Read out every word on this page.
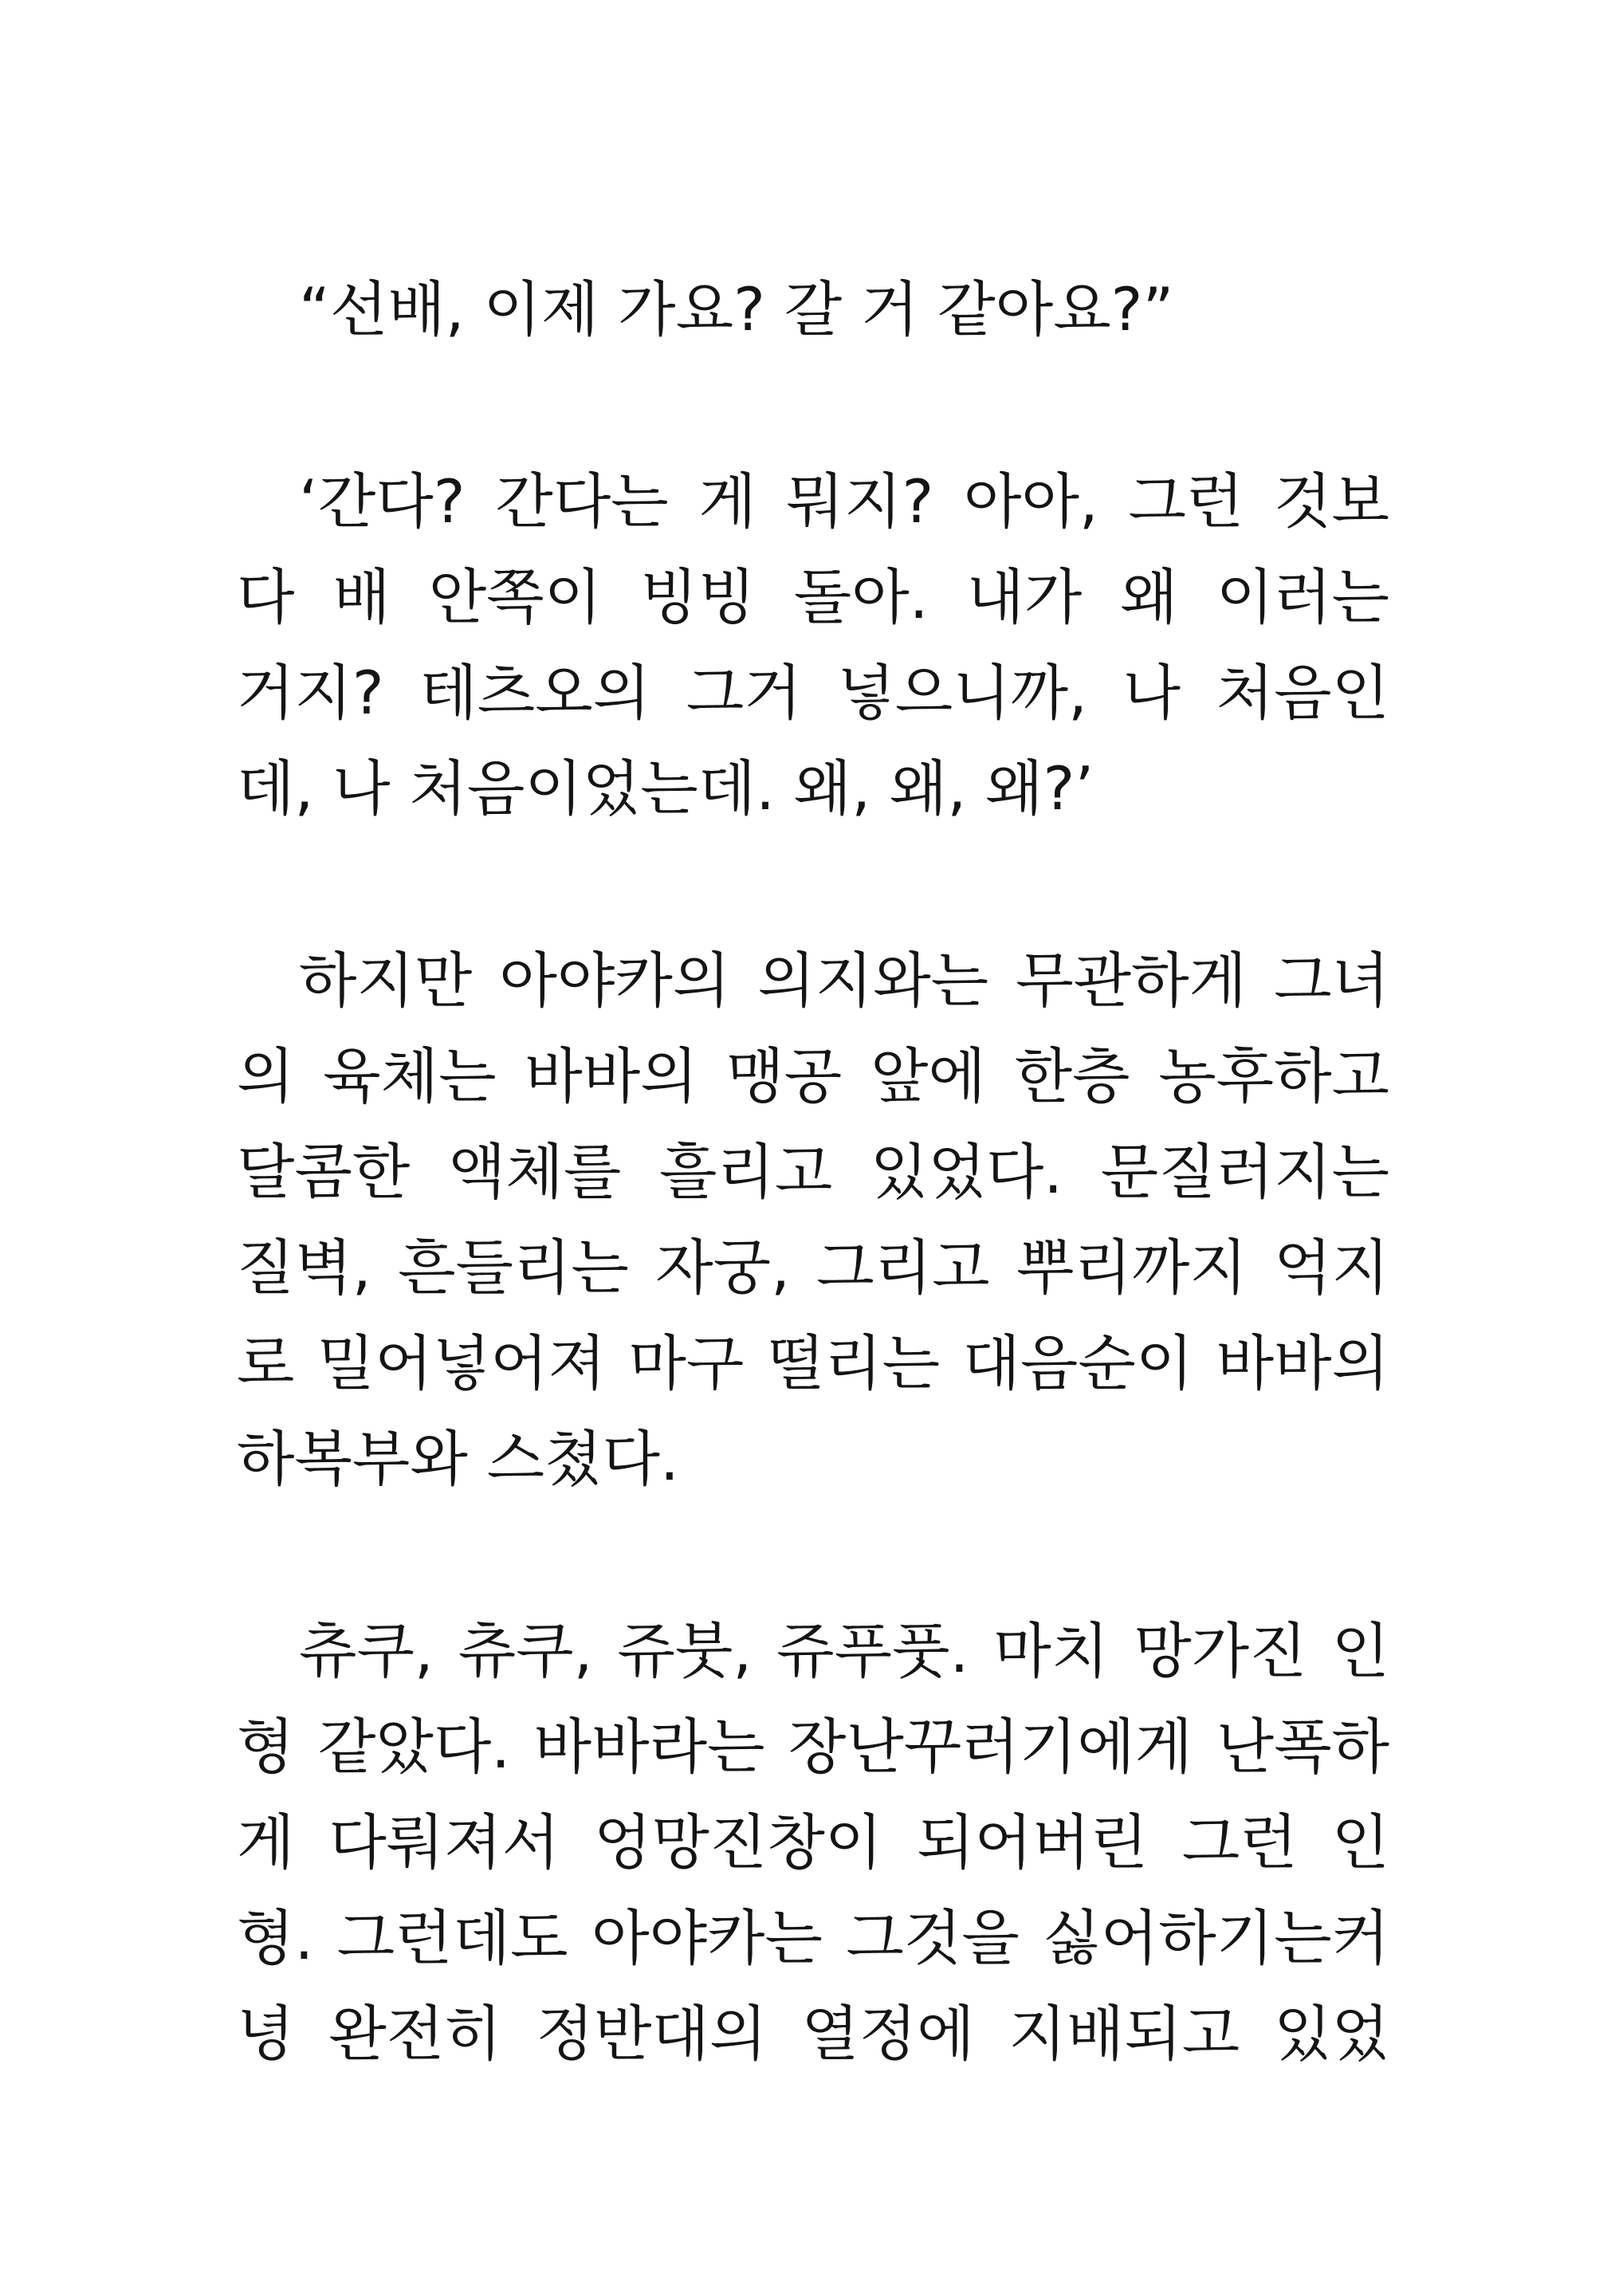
“선배, 이제 가요? 갈 거 같아요?”
‘간다? 간다는 게 뭐지? 아아, 그런 것보
다 배 안쪽이 빙빙 돌아. 내가 왜 이러는
거지? 테츠오의 그거 넣으니까, 나 처음인
데, 나 처음이었는데. 왜, 왜, 왜?’
하지만 아야카의 의지와는 무관하게 그녀
의 육체는 바바의 맹공 앞에 한층 농후하고
달콤한 액체를 흘리고 있었다. 문질러지는
질벽, 흔들리는 자궁, 그리고 뿌리까지 억지
로 밀어넣어져 마구 떨리는 대음순이 바바의
하복부와 스쳤다.
츄쿠, 츄쿠, 쥬붓, 쥬푸풋. 마치 망가진 인
형 같았다. 바바라는 장난꾸러기에게 난폭하
게 다뤄져서 엉망진창이 되어버린 그런 인
형. 그런데도 아야카는 그것을 싫어하기는커
녕 완전히 정반대의 열정에 지배되고 있었
